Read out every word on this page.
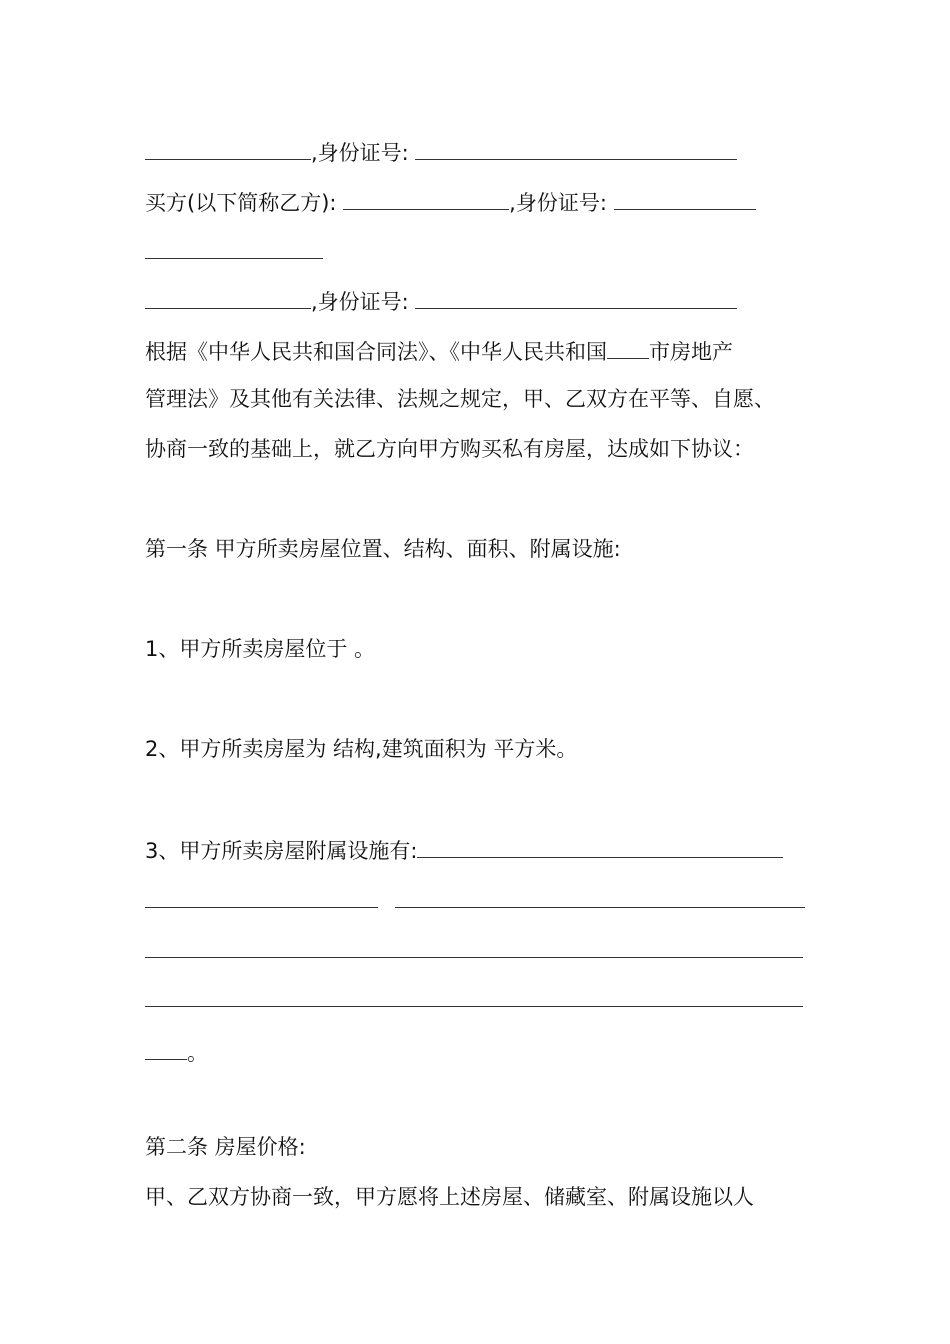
,身份证号:
买方(以下简称乙方):	,身份证号:
,身份证号:
根据《中华人民共和国合同法》、《中华人民共和国 市房地产
管理法》及其他有关法律、法规之规定，甲、乙双方在平等、自愿、
协商一致的基础上，就乙方向甲方购买私有房屋，达成如下协议：
第一条 甲方所卖房屋位置、结构、面积、附属设施:
1、甲方所卖房屋位于 。
2、甲方所卖房屋为 结构,建筑面积为 平方米。
3、甲方所卖房屋附属设施有:
。
第二条 房屋价格:
甲、乙双方协商一致，甲方愿将上述房屋、储藏室、附属设施以人
